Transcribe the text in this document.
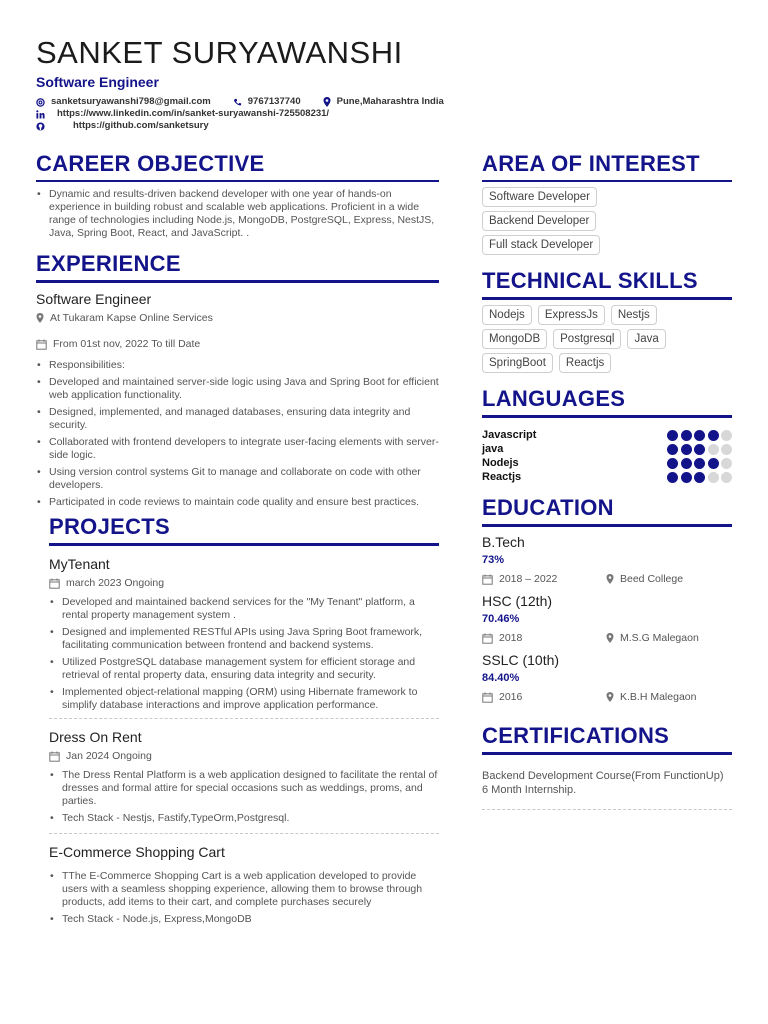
SANKET SURYAWANSHI
Software Engineer
sanketsuryawanshi798@gmail.com	9767137740	Pune,Maharashtra India
https://www.linkedin.com/in/sanket-suryawanshi-725508231/
https://github.com/sanketsury
CAREER OBJECTIVE
• Dynamic and results-driven backend developer with one year of hands-on experience in building robust and scalable web applications. Proficient in a wide range of technologies including Node.js, MongoDB, PostgreSQL, Express, NestJS, Java, Spring Boot, React, and JavaScript. .
EXPERIENCE
Software Engineer
At Tukaram Kapse Online Services
From 01st nov, 2022 To till Date
• Responsibilities:
• Developed and maintained server-side logic using Java and Spring Boot for efficient web application functionality.
• Designed, implemented, and managed databases, ensuring data integrity and security.
• Collaborated with frontend developers to integrate user-facing elements with server-side logic.
• Using version control systems Git to manage and collaborate on code with other developers.
• Participated in code reviews to maintain code quality and ensure best practices.
PROJECTS
MyTenant
march 2023 Ongoing
• Developed and maintained backend services for the "My Tenant" platform, a rental property management system .
• Designed and implemented RESTful APIs using Java Spring Boot framework, facilitating communication between frontend and backend systems.
• Utilized PostgreSQL database management system for efficient storage and retrieval of rental property data, ensuring data integrity and security.
• Implemented object-relational mapping (ORM) using Hibernate framework to simplify database interactions and improve application performance.
Dress On Rent
Jan 2024 Ongoing
• The Dress Rental Platform is a web application designed to facilitate the rental of dresses and formal attire for special occasions such as weddings, proms, and parties.
• Tech Stack - Nestjs, Fastify,TypeOrm,Postgresql.
E-Commerce Shopping Cart
• TThe E-Commerce Shopping Cart is a web application developed to provide users with a seamless shopping experience, allowing them to browse through products, add items to their cart, and complete purchases securely
• Tech Stack - Node.js, Express,MongoDB
AREA OF INTEREST
Software Developer
Backend Developer
Full stack Developer
TECHNICAL SKILLS
Nodejs	ExpressJs	Nestjs
MongoDB	Postgresql	Java
SpringBoot	Reactjs
LANGUAGES
Javascript
java
Nodejs
Reactjs
EDUCATION
B.Tech
73%
2018 – 2022	Beed College
HSC (12th)
70.46%
2018	M.S.G Malegaon
SSLC (10th)
84.40%
2016	K.B.H Malegaon
CERTIFICATIONS
Backend Development Course(From FunctionUp) 6 Month Internship.
